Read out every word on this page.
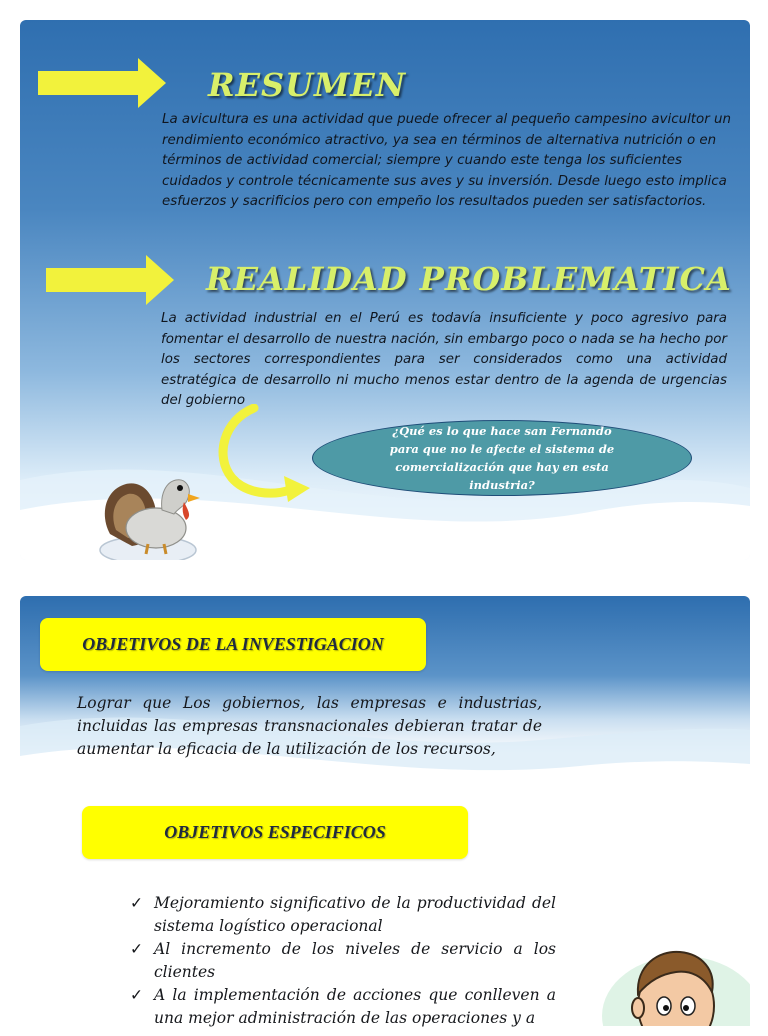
RESUMEN

La avicultura es una actividad que puede ofrecer al pequeño campesino avicultor un rendimiento económico atractivo, ya sea en términos de alternativa nutrición o en términos de actividad comercial; siempre y cuando este tenga los suficientes cuidados y controle técnicamente sus aves y su inversión. Desde luego esto implica esfuerzos y sacrificios pero con empeño los resultados pueden ser satisfactorios.

REALIDAD PROBLEMATICA

La actividad industrial en el Perú es todavía insuficiente y poco agresivo para fomentar el desarrollo de nuestra nación, sin embargo poco o nada se ha hecho por los sectores correspondientes para ser considerados como una actividad estratégica de desarrollo ni mucho menos estar dentro de la agenda de urgencias del gobierno

¿Qué es lo que hace san Fernando para que no le afecte el sistema de comercialización que hay en esta industria?

OBJETIVOS DE LA INVESTIGACION

Lograr que Los gobiernos, las empresas e industrias, incluidas las empresas transnacionales debieran tratar de aumentar la eficacia de la utilización de los recursos,

OBJETIVOS ESPECIFICOS
✓ Mejoramiento significativo de la productividad del sistema logístico operacional
✓ Al incremento de los niveles de servicio a los clientes
✓ A la implementación de acciones que conlleven a una mejor administración de las operaciones y a
